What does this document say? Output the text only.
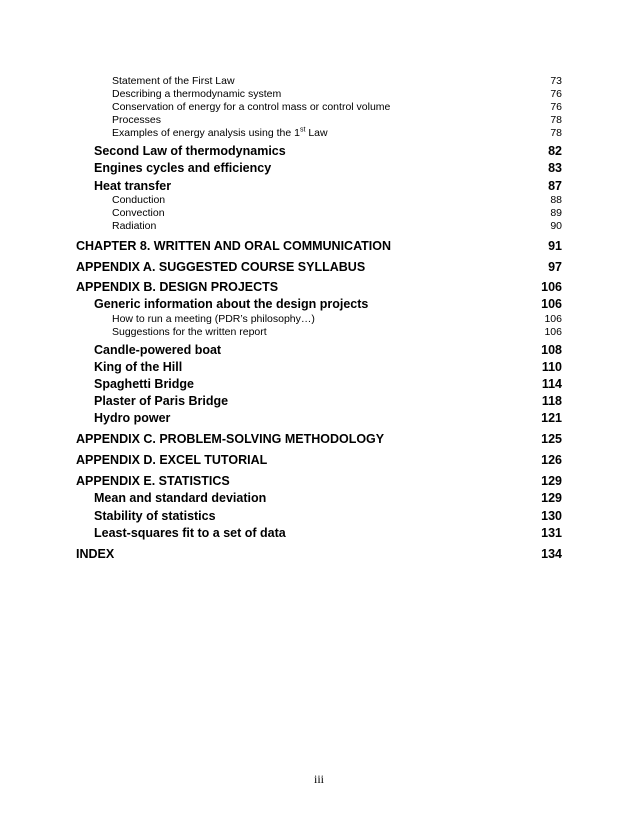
Statement of the First Law	73
Describing a thermodynamic system	76
Conservation of energy for a control mass or control volume	76
Processes	78
Examples of energy analysis using the 1st Law	78
Second Law of thermodynamics	82
Engines cycles and efficiency	83
Heat transfer	87
Conduction	88
Convection	89
Radiation	90
CHAPTER 8. WRITTEN AND ORAL COMMUNICATION	91
APPENDIX A. SUGGESTED COURSE SYLLABUS	97
APPENDIX B. DESIGN PROJECTS	106
Generic information about the design projects	106
How to run a meeting (PDR’s philosophy…)	106
Suggestions for the written report	106
Candle-powered boat	108
King of the Hill	110
Spaghetti Bridge	114
Plaster of Paris Bridge	118
Hydro power	121
APPENDIX C. PROBLEM-SOLVING METHODOLOGY	125
APPENDIX D. EXCEL TUTORIAL	126
APPENDIX E. STATISTICS	129
Mean and standard deviation	129
Stability of statistics	130
Least-squares fit to a set of data	131
INDEX	134
iii
